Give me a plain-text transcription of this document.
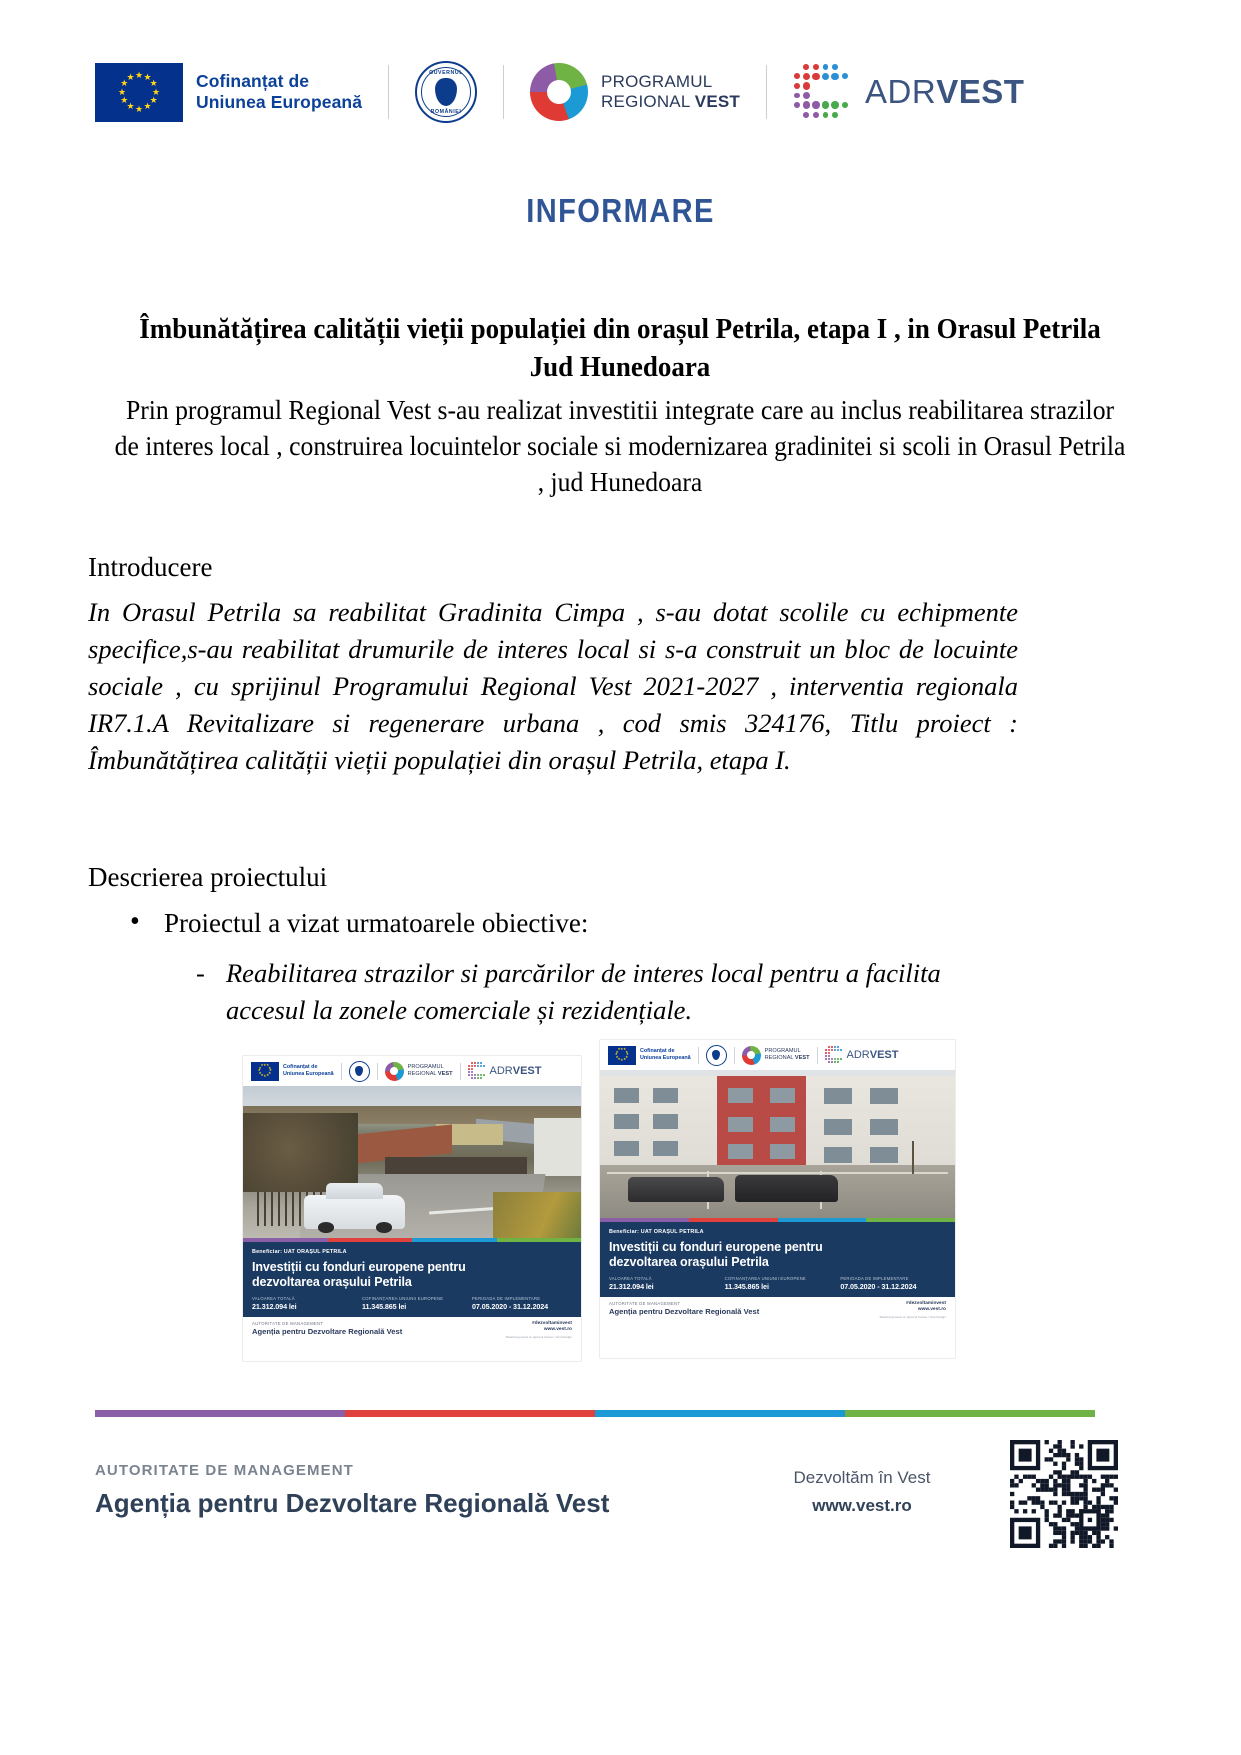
★ ★
★
★
★
★
★
★
★
★
★
★	Cofinanțat de
Uniunea Europeană
GUVERNUL
ROMÂNIEI
PROGRAMUL
REGIONAL VEST	ADRVEST
INFORMARE
Îmbunătățirea calității vieții populației din orașul Petrila, etapa I , in Orasul Petrila Jud Hunedoara
Prin programul Regional Vest s-au realizat investitii integrate care au inclus reabilitarea strazilor de interes local , construirea locuintelor sociale si modernizarea gradinitei si scoli in Orasul Petrila , jud Hunedoara
Introducere
In Orasul Petrila sa reabilitat Gradinita Cimpa , s-au dotat scolile cu echipmente specifice,s-au reabilitat drumurile de interes local si s-a construit un bloc de locuinte sociale , cu sprijinul Programului Regional Vest 2021-2027 , interventia regionala IR7.1.A Revitalizare si regenerare urbana , cod smis 324176, Titlu proiect : Îmbunătățirea calității vieții populației din orașul Petrila, etapa I.
Descrierea proiectului
• Proiectul a vizat urmatoarele obiective:
- Reabilitarea strazilor si parcărilor de interes local pentru a facilita accesul la zonele comerciale și rezidențiale.
★ ★
★
★
★
★
★
★
★
★
★
★	Cofinanțat de
Uniunea Europeană
PROGRAMUL
REGIONAL VEST	ADRVEST
Beneficiar: UAT ORAȘUL PETRILA
Investiții cu fonduri europene pentru
dezvoltarea orașului Petrila
VALOAREA TOTALĂ
21.312.094 lei
COFINANȚAREA UNIUNII EUROPENE
11.345.865 lei
PERIOADA DE IMPLEMENTARE
07.05.2020 - 31.12.2024
AUTORITATE DE MANAGEMENT
Agenția pentru Dezvoltare Regională Vest
#dezvoltaminvest
www.vest.ro
Material generat cu ajutorul Canva / Vest Design
★ ★
★
★
★
★
★
★
★
★
★
★	Cofinanțat de
Uniunea Europeană
PROGRAMUL
REGIONAL VEST	ADRVEST
Beneficiar: UAT ORAȘUL PETRILA
Investiții cu fonduri europene pentru
dezvoltarea orașului Petrila
VALOAREA TOTALĂ
21.312.094 lei
COFINANȚAREA UNIUNII EUROPENE
11.345.865 lei
PERIOADA DE IMPLEMENTARE
07.05.2020 - 31.12.2024
AUTORITATE DE MANAGEMENT
Agenția pentru Dezvoltare Regională Vest
#dezvoltaminvest
www.vest.ro
Material generat cu ajutorul Canva / Vest Design
AUTORITATE DE MANAGEMENT
Agenția pentru Dezvoltare Regională Vest
Dezvoltăm în Vest
www.vest.ro
